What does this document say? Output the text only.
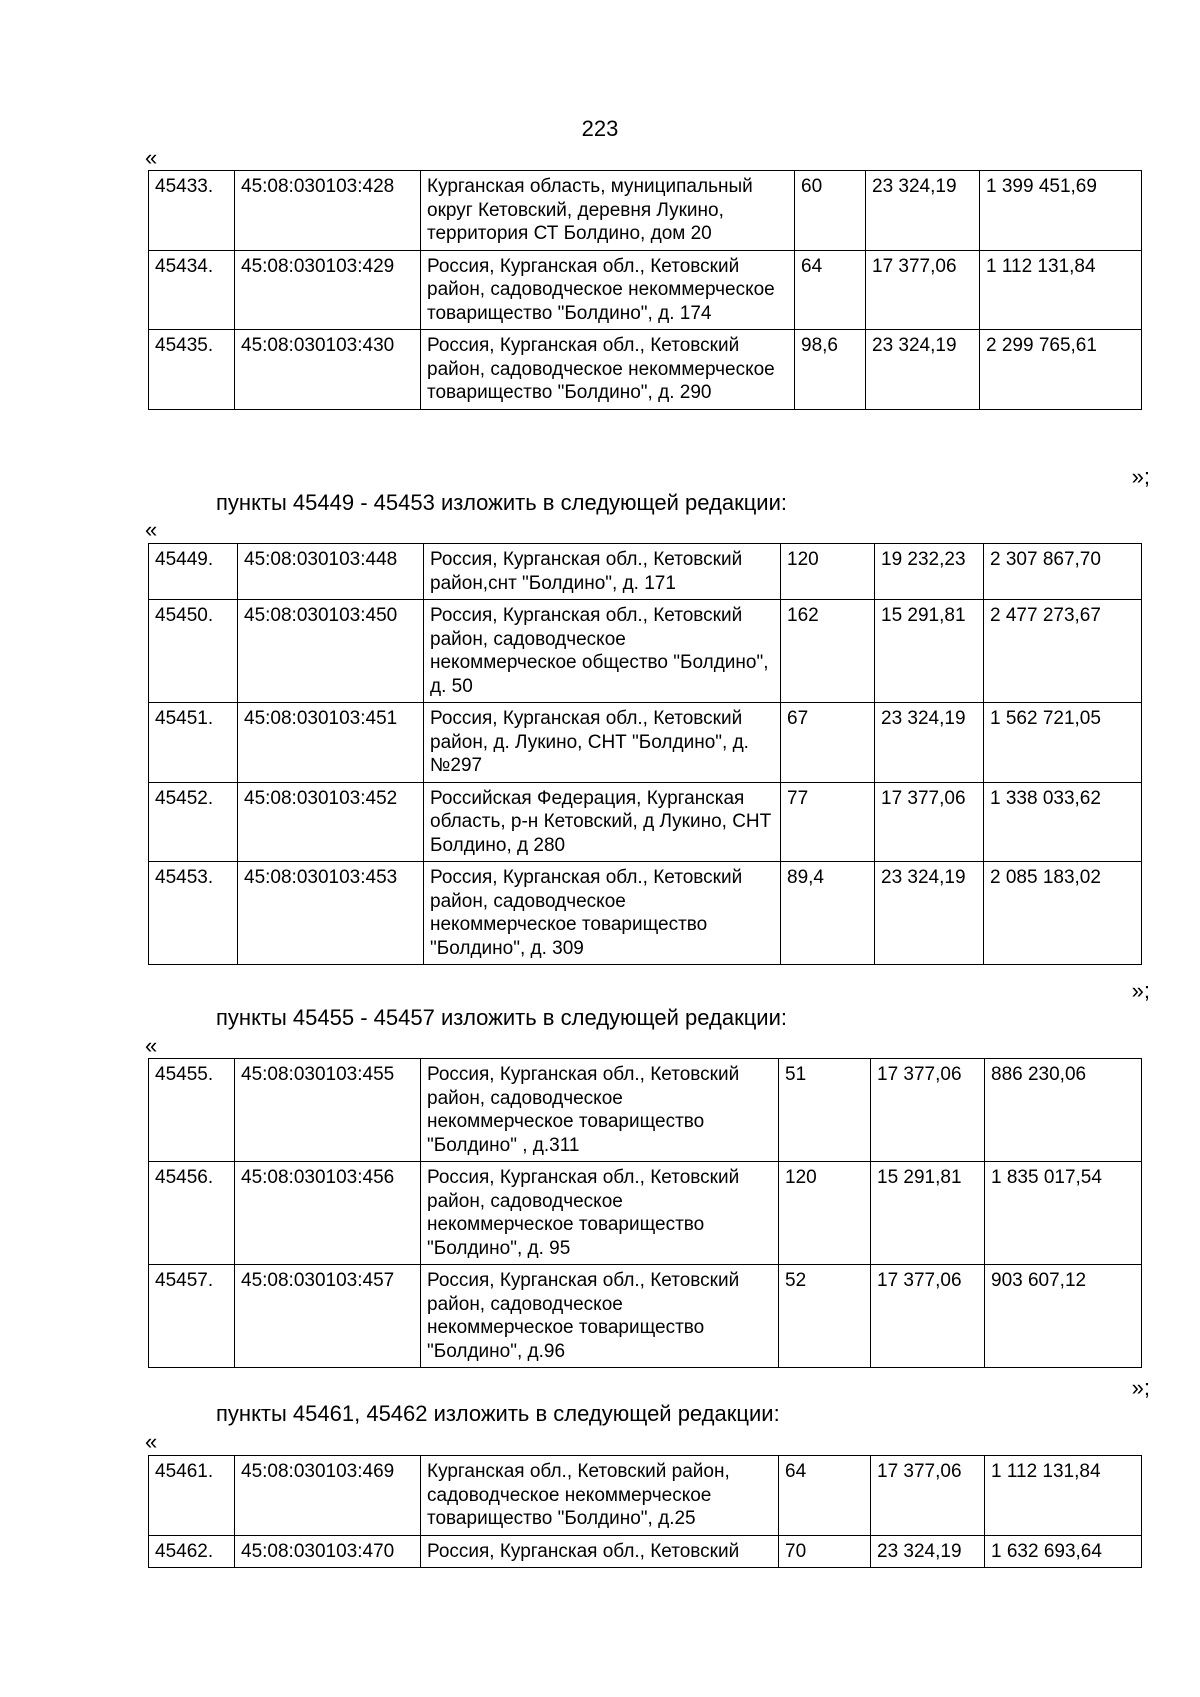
223
«
45433.	45:08:030103:428	Курганская область, муниципальный округ Кетовский, деревня Лукино, территория СТ Болдино, дом 20	60	23 324,19	1 399 451,69
45434.	45:08:030103:429	Россия, Курганская обл., Кетовский район, садоводческое некоммерческое товарищество "Болдино", д. 174	64	17 377,06	1 112 131,84
45435.	45:08:030103:430	Россия, Курганская обл., Кетовский район, садоводческое некоммерческое товарищество "Болдино", д. 290	98,6	23 324,19	2 299 765,61
»;
пункты 45449 - 45453 изложить в следующей редакции:
«
45449.	45:08:030103:448	Россия, Курганская обл., Кетовский район,снт "Болдино", д. 171	120	19 232,23	2 307 867,70
45450.	45:08:030103:450	Россия, Курганская обл., Кетовский район, садоводческое некоммерческое общество "Болдино", д. 50	162	15 291,81	2 477 273,67
45451.	45:08:030103:451	Россия, Курганская обл., Кетовский район, д. Лукино, СНТ "Болдино", д. №297	67	23 324,19	1 562 721,05
45452.	45:08:030103:452	Российская Федерация, Курганская область, р-н Кетовский, д Лукино, СНТ Болдино, д 280	77	17 377,06	1 338 033,62
45453.	45:08:030103:453	Россия, Курганская обл., Кетовский район, садоводческое некоммерческое товарищество "Болдино", д. 309	89,4	23 324,19	2 085 183,02
»;
пункты 45455 - 45457 изложить в следующей редакции:
«
45455.	45:08:030103:455	Россия, Курганская обл., Кетовский район, садоводческое некоммерческое товарищество "Болдино" , д.311	51	17 377,06	886 230,06
45456.	45:08:030103:456	Россия, Курганская обл., Кетовский район, садоводческое некоммерческое товарищество "Болдино", д. 95	120	15 291,81	1 835 017,54
45457.	45:08:030103:457	Россия, Курганская обл., Кетовский район, садоводческое некоммерческое товарищество "Болдино", д.96	52	17 377,06	903 607,12
»;
пункты 45461, 45462 изложить в следующей редакции:
«
45461.	45:08:030103:469	Курганская обл., Кетовский район, садоводческое некоммерческое товарищество "Болдино", д.25	64	17 377,06	1 112 131,84
45462.	45:08:030103:470	Россия, Курганская обл., Кетовский	70	23 324,19	1 632 693,64
